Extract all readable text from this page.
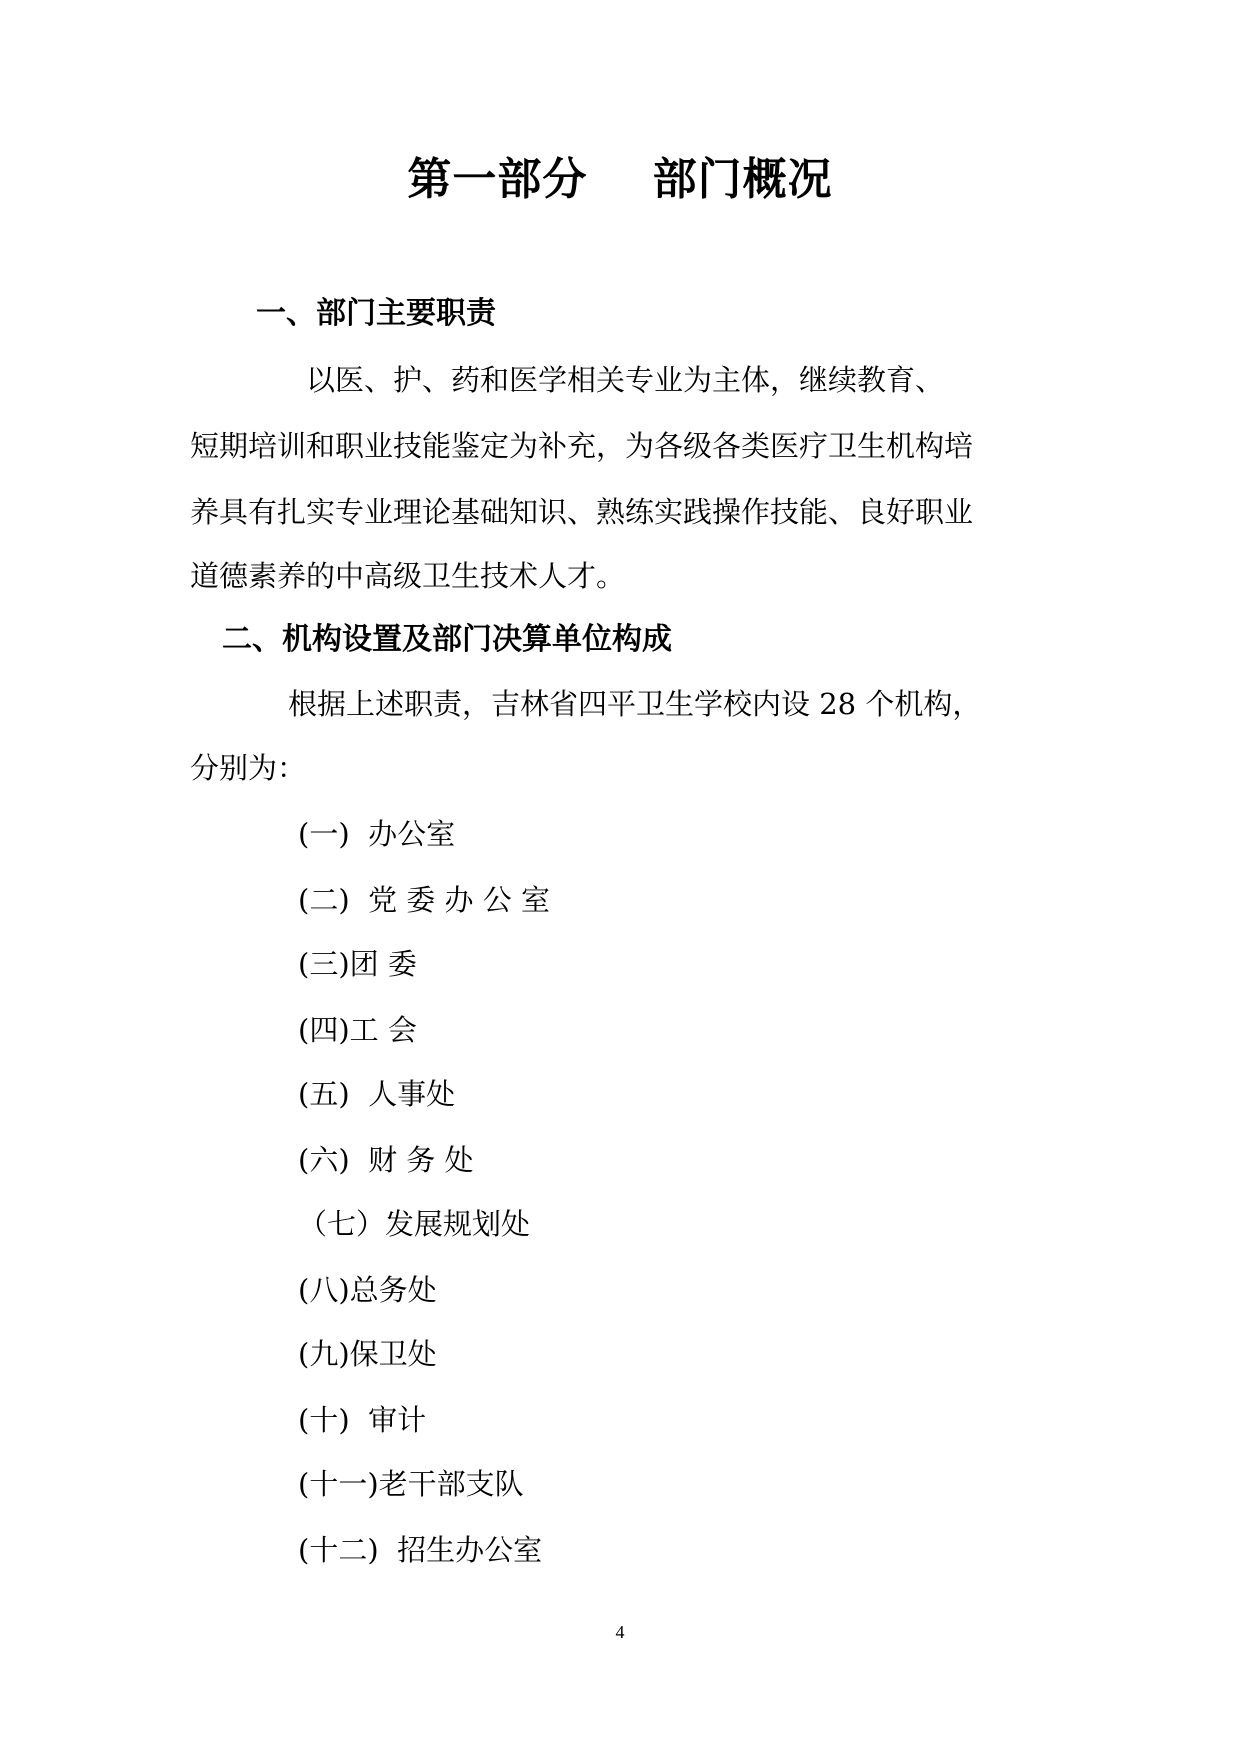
第一部分    部门概况
一、部门主要职责
以医、护、药和医学相关专业为主体，继续教育、
短期培训和职业技能鉴定为补充，为各级各类医疗卫生机构培
养具有扎实专业理论基础知识、熟练实践操作技能、良好职业
道德素养的中高级卫生技术人才。
二、机构设置及部门决算单位构成
根据上述职责，吉林省四平卫生学校内设 28 个机构，
分别为：
(一)  办公室
(二)  党 委 办 公 室
(三)团 委
(四)工 会
(五)  人事处
(六)  财 务 处
（七）发展规划处
(八)总务处
(九)保卫处
(十)  审计
(十一)老干部支队
(十二)  招生办公室
4
